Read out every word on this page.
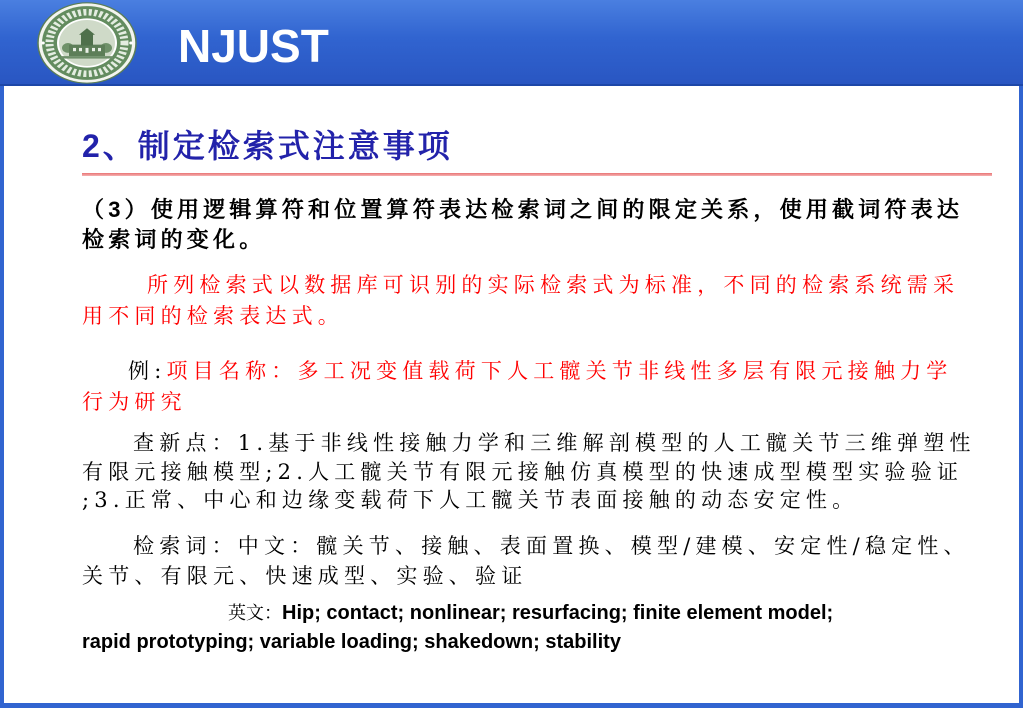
NJUST
2、制定检索式注意事项
（3）使用逻辑算符和位置算符表达检索词之间的限定关系，使用截词符表达
检索词的变化。
所列检索式以数据库可识别的实际检索式为标准，不同的检索系统需采
用不同的检索表达式。
例:项目名称：多工况变值载荷下人工髋关节非线性多层有限元接触力学
行为研究
查新点：1.基于非线性接触力学和三维解剖模型的人工髋关节三维弹塑性
有限元接触模型;2.人工髋关节有限元接触仿真模型的快速成型模型实验验证
;3.正常、中心和边缘变载荷下人工髋关节表面接触的动态安定性。
检索词：中文：髋关节、接触、表面置换、模型/建模、安定性/稳定性、
关节、有限元、快速成型、实验、验证
英文：Hip; contact; nonlinear; resurfacing; finite element model;
rapid prototyping; variable loading; shakedown; stability
